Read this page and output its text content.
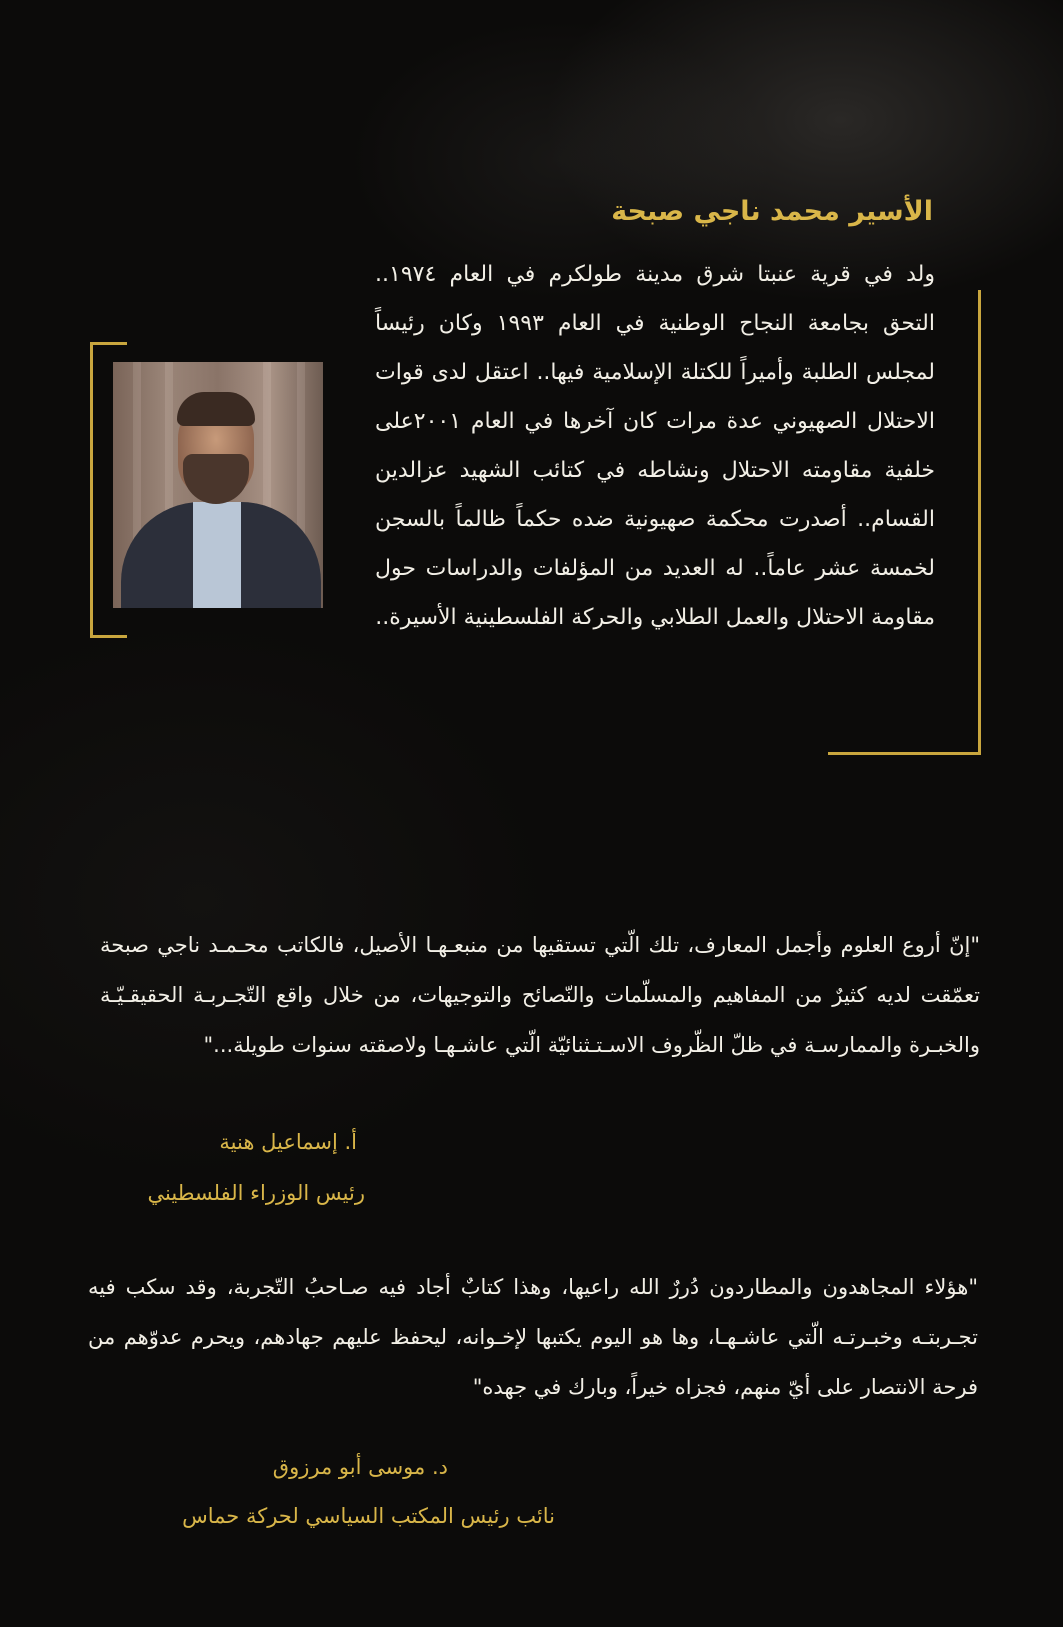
الأسير محمد ناجي صبحة
ولد في قرية عنبتا شرق مدينة طولكرم في العام ١٩٧٤.. التحق بجامعة النجاح الوطنية في العام ١٩٩٣ وكان رئيساً لمجلس الطلبة وأميراً للكتلة الإسلامية فيها.. اعتقل لدى قوات الاحتلال الصهيوني عدة مرات كان آخرها في العام ٢٠٠١على خلفية مقاومته الاحتلال ونشاطه في كتائب الشهيد عزالدين القسام.. أصدرت محكمة صهيونية ضده حكماً ظالماً بالسجن لخمسة عشر عاماً.. له العديد من المؤلفات والدراسات حول مقاومة الاحتلال والعمل الطلابي والحركة الفلسطينية الأسيرة..
"إنّ أروع العلوم وأجمل المعارف، تلك الّتي تستقيها من منبعـهـا الأصيل، فالكاتب محـمـد ناجي صبحة تعمّقت لديه كثيرٌ من المفاهيم والمسلّمات والنّصائح والتوجيهات، من خلال واقع التّجـربـة الحقيقـيّـة والخبـرة والممارسـة في ظلّ الظّروف الاسـتـثنائيّة الّتي عاشـهـا ولاصقته سنوات طويلة..."
أ. إسماعيل هنية
رئيس الوزراء الفلسطيني
"هؤلاء المجاهدون والمطاردون دُررٌ الله راعيها، وهذا كتابٌ أجاد فيه صـاحبُ التّجربة، وقد سكب فيه تجـربتـه وخبـرتـه الّتي عاشـهـا، وها هو اليوم يكتبها لإخـوانه، ليحفظ عليهم جهادهم، ويحرم عدوّهم من فرحة الانتصار على أيّ منهم، فجزاه خيراً، وبارك في جهده"
د. موسى أبو مرزوق
نائب رئيس المكتب السياسي لحركة حماس
